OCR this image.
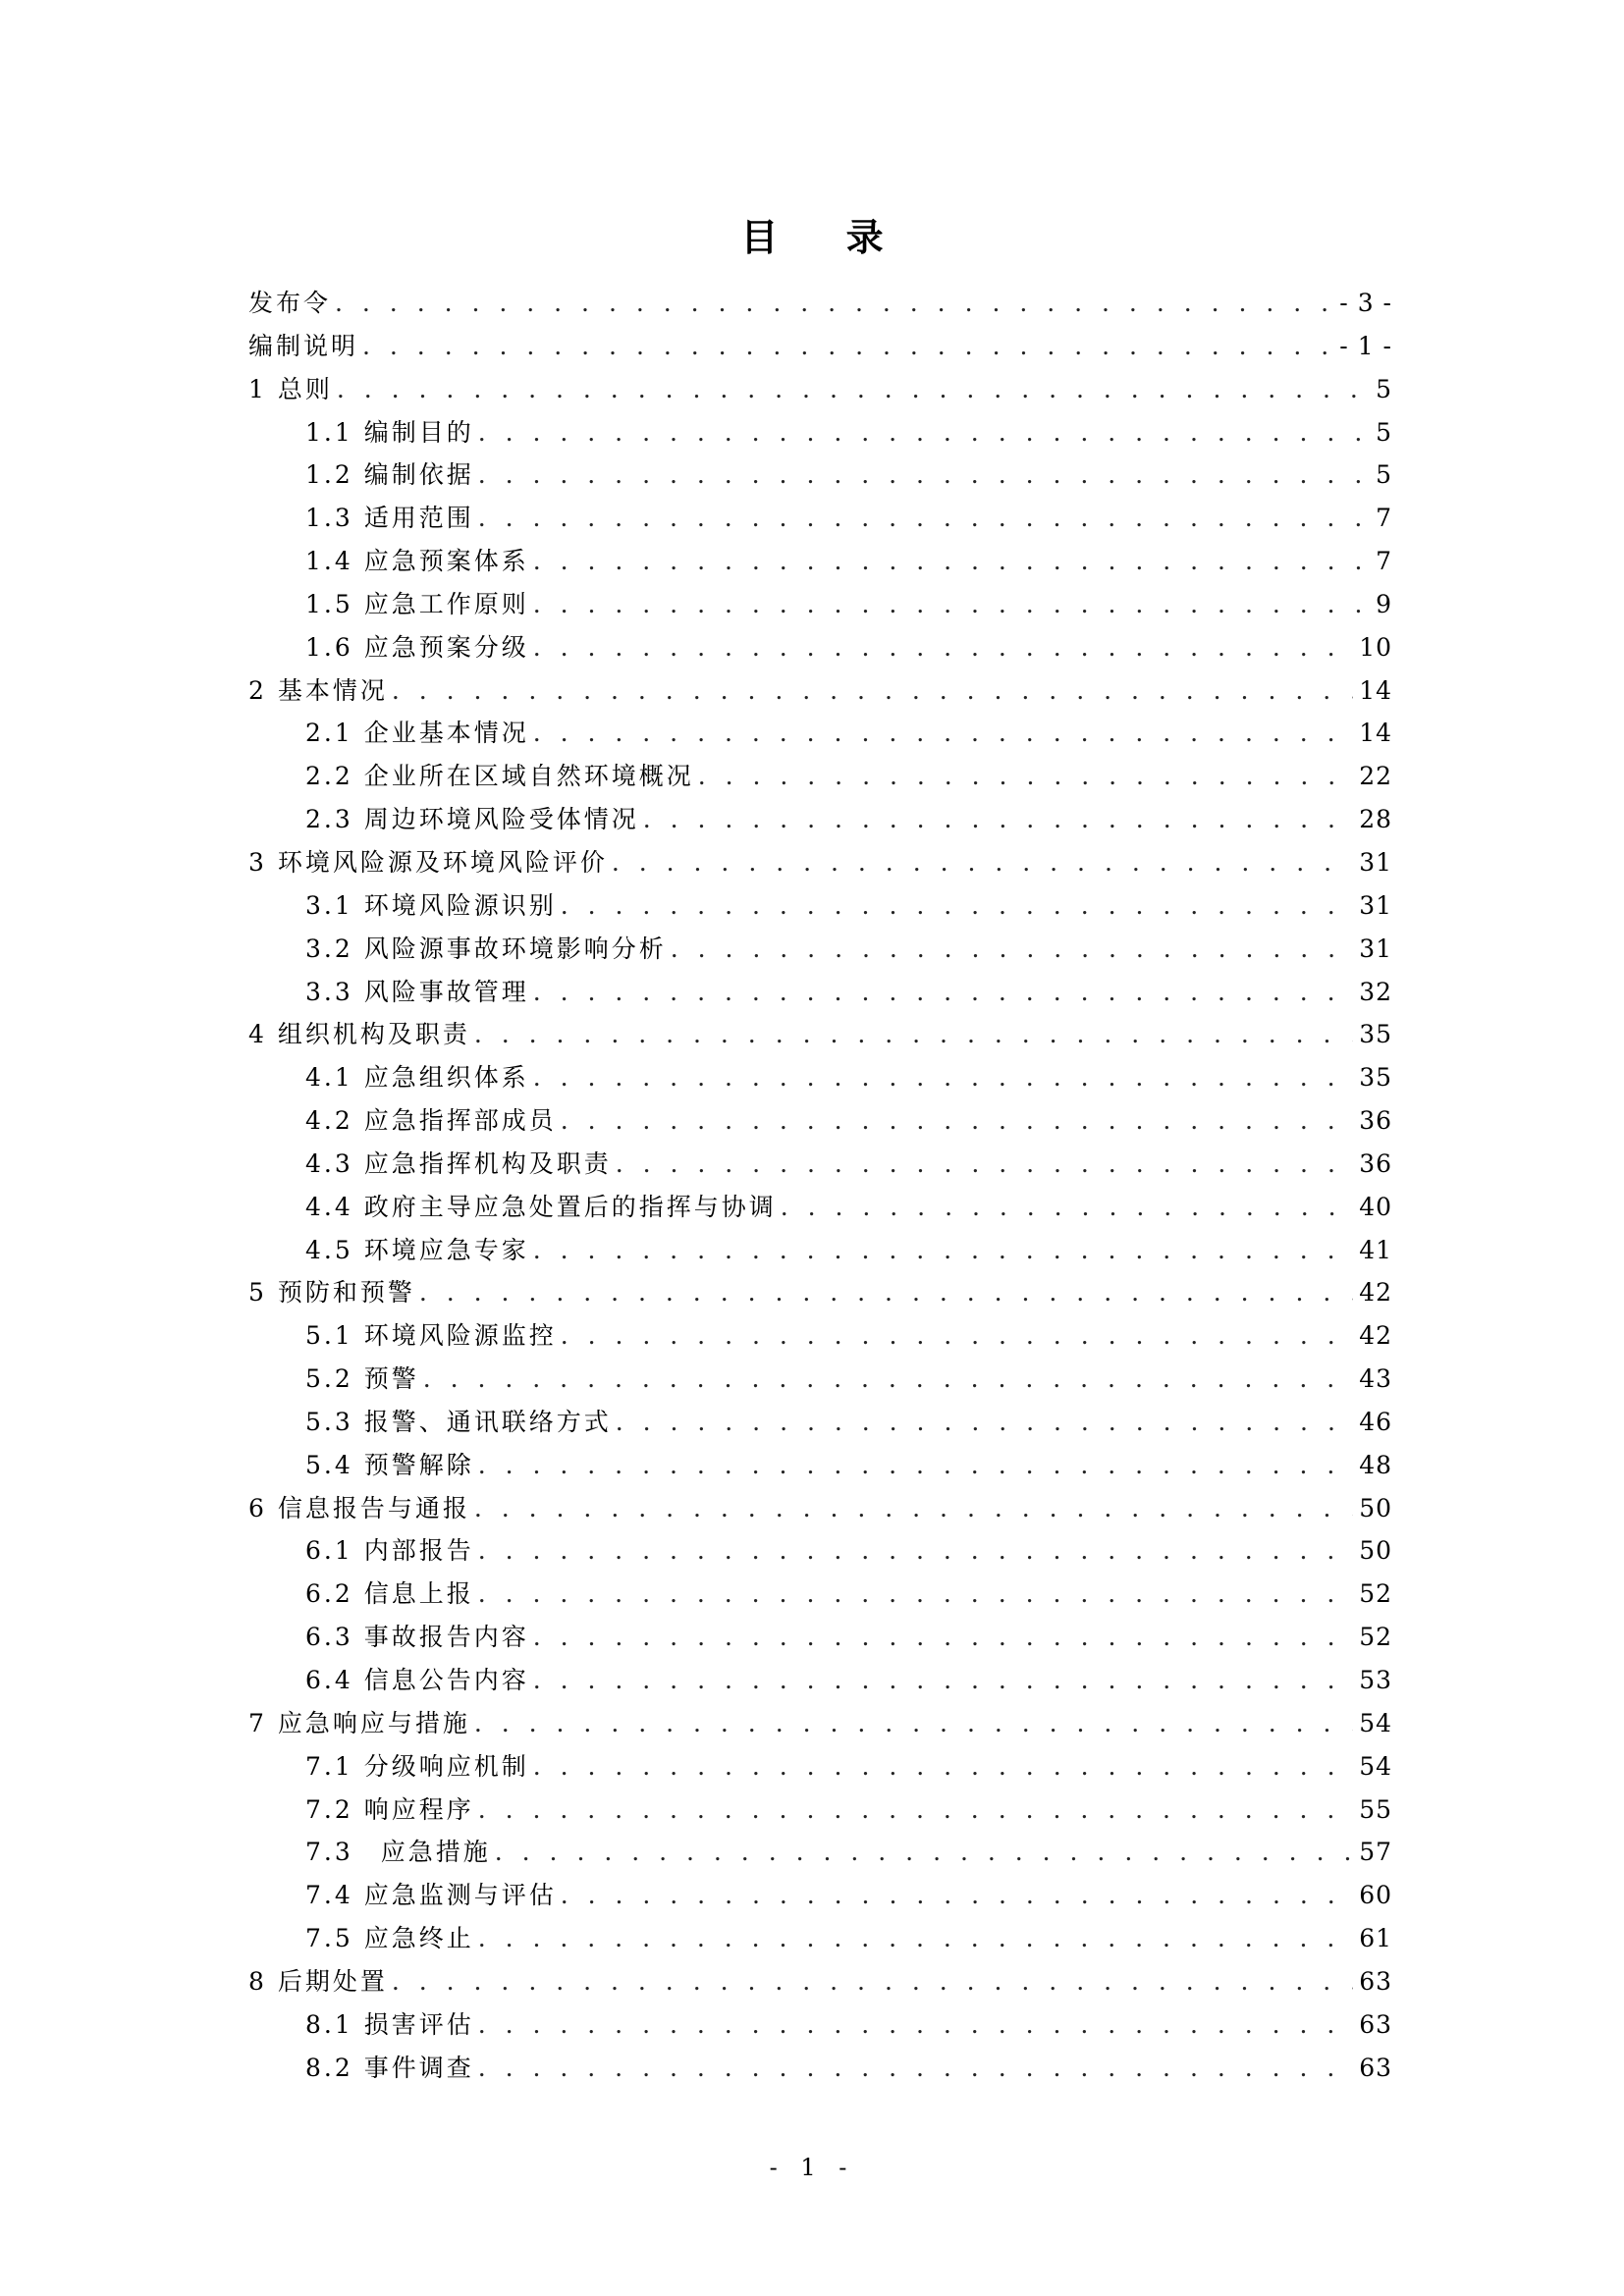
目 录
发布令 . . .	- 3 -
编制说明 . . .	- 1 -
1 总则 . . .	5
1.1 编制目的 . . .	5
1.2 编制依据 . . .	5
1.3 适用范围 . . .	7
1.4 应急预案体系 . . .	7
1.5 应急工作原则 . . .	9
1.6 应急预案分级 . . .	10
2 基本情况 . . .	14
2.1 企业基本情况 . . .	14
2.2 企业所在区域自然环境概况 . . .	22
2.3 周边环境风险受体情况 . . .	28
3 环境风险源及环境风险评价 . . .	31
3.1 环境风险源识别 . . .	31
3.2 风险源事故环境影响分析 . . .	31
3.3 风险事故管理 . . .	32
4 组织机构及职责 . . .	35
4.1 应急组织体系 . . .	35
4.2 应急指挥部成员 . . .	36
4.3 应急指挥机构及职责 . . .	36
4.4 政府主导应急处置后的指挥与协调 . . .	40
4.5 环境应急专家 . . .	41
5 预防和预警 . . .	42
5.1 环境风险源监控 . . .	42
5.2 预警 . . .	43
5.3 报警、通讯联络方式 . . .	46
5.4 预警解除 . . .	48
6 信息报告与通报 . . .	50
6.1 内部报告 . . .	50
6.2 信息上报 . . .	52
6.3 事故报告内容 . . .	52
6.4 信息公告内容 . . .	53
7 应急响应与措施 . . .	54
7.1 分级响应机制 . . .	54
7.2 响应程序 . . .	55
7.3　应急措施 . . .	57
7.4 应急监测与评估 . . .	60
7.5 应急终止 . . .	61
8 后期处置 . . .	63
8.1 损害评估 . . .	63
8.2 事件调查 . . .	63
- 1 -
